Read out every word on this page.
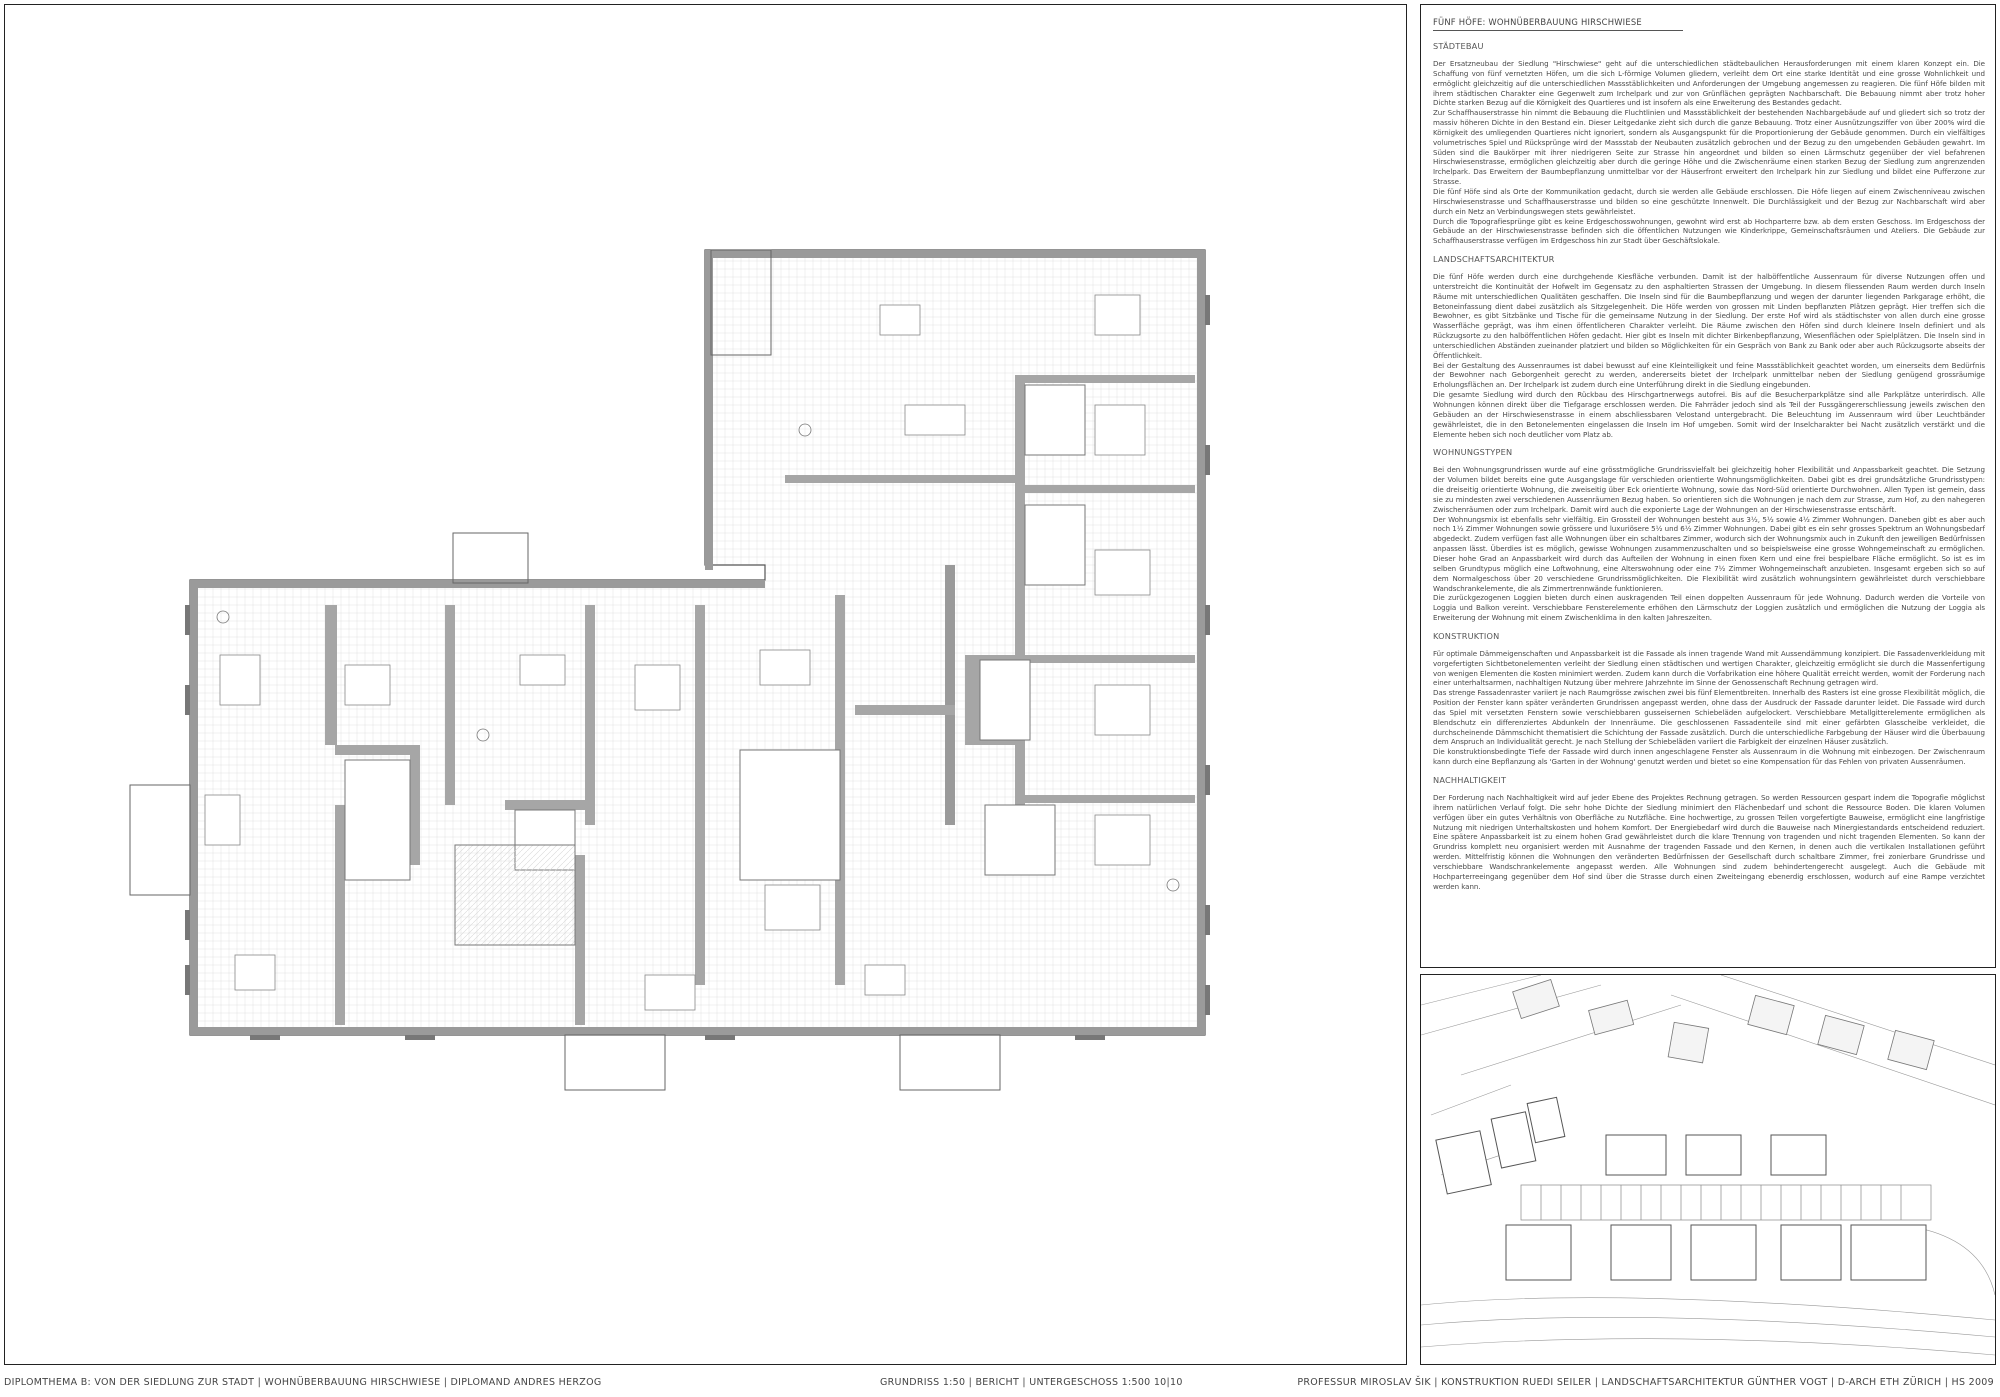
FÜNF HÖFE: WOHNÜBERBAUUNG HIRSCHWIESE
STÄDTEBAU

Der Ersatzneubau der Siedlung "Hirschwiese" geht auf die unterschiedlichen städtebaulichen Herausforderungen mit einem klaren Konzept ein. Die Schaffung von fünf vernetzten Höfen, um die sich L-förmige Volumen gliedern, verleiht dem Ort eine starke Identität und eine grosse Wohnlichkeit und ermöglicht gleichzeitig auf die unterschiedlichen Massstäblichkeiten und Anforderungen der Umgebung angemessen zu reagieren. Die fünf Höfe bilden mit ihrem städtischen Charakter eine Gegenwelt zum Irchelpark und zur von Grünflächen geprägten Nachbarschaft. Die Bebauung nimmt aber trotz hoher Dichte starken Bezug auf die Körnigkeit des Quartieres und ist insofern als eine Erweiterung des Bestandes gedacht.

Zur Schaffhauserstrasse hin nimmt die Bebauung die Fluchtlinien und Massstäblichkeit der bestehenden Nachbargebäude auf und gliedert sich so trotz der massiv höheren Dichte in den Bestand ein. Dieser Leitgedanke zieht sich durch die ganze Bebauung. Trotz einer Ausnützungsziffer von über 200% wird die Körnigkeit des umliegenden Quartieres nicht ignoriert, sondern als Ausgangspunkt für die Proportionierung der Gebäude genommen. Durch ein vielfältiges volumetrisches Spiel und Rücksprünge wird der Massstab der Neubauten zusätzlich gebrochen und der Bezug zu den umgebenden Gebäuden gewahrt. Im Süden sind die Baukörper mit ihrer niedrigeren Seite zur Strasse hin angeordnet und bilden so einen Lärmschutz gegenüber der viel befahrenen Hirschwiesenstrasse, ermöglichen gleichzeitig aber durch die geringe Höhe und die Zwischenräume einen starken Bezug der Siedlung zum angrenzenden Irchelpark. Das Erweitern der Baumbepflanzung unmittelbar vor der Häuserfront erweitert den Irchelpark hin zur Siedlung und bildet eine Pufferzone zur Strasse.

Die fünf Höfe sind als Orte der Kommunikation gedacht, durch sie werden alle Gebäude erschlossen. Die Höfe liegen auf einem Zwischenniveau zwischen Hirschwiesenstrasse und Schaffhauserstrasse und bilden so eine geschützte Innenwelt. Die Durchlässigkeit und der Bezug zur Nachbarschaft wird aber durch ein Netz an Verbindungswegen stets gewährleistet.

Durch die Topografiesprünge gibt es keine Erdgeschosswohnungen, gewohnt wird erst ab Hochparterre bzw. ab dem ersten Geschoss. Im Erdgeschoss der Gebäude an der Hirschwiesenstrasse befinden sich die öffentlichen Nutzungen wie Kinderkrippe, Gemeinschaftsräumen und Ateliers. Die Gebäude zur Schaffhauserstrasse verfügen im Erdgeschoss hin zur Stadt über Geschäftslokale.

LANDSCHAFTSARCHITEKTUR

Die fünf Höfe werden durch eine durchgehende Kiesfläche verbunden. Damit ist der halböffentliche Aussenraum für diverse Nutzungen offen und unterstreicht die Kontinuität der Hofwelt im Gegensatz zu den asphaltierten Strassen der Umgebung. In diesem fliessenden Raum werden durch Inseln Räume mit unterschiedlichen Qualitäten geschaffen. Die Inseln sind für die Baumbepflanzung und wegen der darunter liegenden Parkgarage erhöht, die Betoneinfassung dient dabei zusätzlich als Sitzgelegenheit. Die Höfe werden von grossen mit Linden bepflanzten Plätzen geprägt. Hier treffen sich die Bewohner, es gibt Sitzbänke und Tische für die gemeinsame Nutzung in der Siedlung. Der erste Hof wird als städtischster von allen durch eine grosse Wasserfläche geprägt, was ihm einen öffentlicheren Charakter verleiht. Die Räume zwischen den Höfen sind durch kleinere Inseln definiert und als Rückzugsorte zu den halböffentlichen Höfen gedacht. Hier gibt es Inseln mit dichter Birkenbepflanzung, Wiesenflächen oder Spielplätzen. Die Inseln sind in unterschiedlichen Abständen zueinander platziert und bilden so Möglichkeiten für ein Gespräch von Bank zu Bank oder aber auch Rückzugsorte abseits der Öffentlichkeit.

Bei der Gestaltung des Aussenraumes ist dabei bewusst auf eine Kleinteiligkeit und feine Massstäblichkeit geachtet worden, um einerseits dem Bedürfnis der Bewohner nach Geborgenheit gerecht zu werden, andererseits bietet der Irchelpark unmittelbar neben der Siedlung genügend grossräumige Erholungsflächen an. Der Irchelpark ist zudem durch eine Unterführung direkt in die Siedlung eingebunden.

Die gesamte Siedlung wird durch den Rückbau des Hirschgartnerwegs autofrei. Bis auf die Besucherparkplätze sind alle Parkplätze unterirdisch. Alle Wohnungen können direkt über die Tiefgarage erschlossen werden. Die Fahrräder jedoch sind als Teil der Fussgängererschliessung jeweils zwischen den Gebäuden an der Hirschwiesenstrasse in einem abschliessbaren Velostand untergebracht. Die Beleuchtung im Aussenraum wird über Leuchtbänder gewährleistet, die in den Betonelementen eingelassen die Inseln im Hof umgeben. Somit wird der Inselcharakter bei Nacht zusätzlich verstärkt und die Elemente heben sich noch deutlicher vom Platz ab.

WOHNUNGSTYPEN

Bei den Wohnungsgrundrissen wurde auf eine grösstmögliche Grundrissvielfalt bei gleichzeitig hoher Flexibilität und Anpassbarkeit geachtet. Die Setzung der Volumen bildet bereits eine gute Ausgangslage für verschieden orientierte Wohnungsmöglichkeiten. Dabei gibt es drei grundsätzliche Grundrisstypen: die dreiseitig orientierte Wohnung, die zweiseitig über Eck orientierte Wohnung, sowie das Nord-Süd orientierte Durchwohnen. Allen Typen ist gemein, dass sie zu mindesten zwei verschiedenen Aussenräumen Bezug haben. So orientieren sich die Wohnungen je nach dem zur Strasse, zum Hof, zu den nahegeren Zwischenräumen oder zum Irchelpark. Damit wird auch die exponierte Lage der Wohnungen an der Hirschwiesenstrasse entschärft.

Der Wohnungsmix ist ebenfalls sehr vielfältig. Ein Grossteil der Wohnungen besteht aus 3½, 5½ sowie 4½ Zimmer Wohnungen. Daneben gibt es aber auch noch 1½ Zimmer Wohnungen sowie grössere und luxuriösere 5½ und 6½ Zimmer Wohnungen. Dabei gibt es ein sehr grosses Spektrum an Wohnungsbedarf abgedeckt. Zudem verfügen fast alle Wohnungen über ein schaltbares Zimmer, wodurch sich der Wohnungsmix auch in Zukunft den jeweiligen Bedürfnissen anpassen lässt. Überdies ist es möglich, gewisse Wohnungen zusammenzuschalten und so beispielsweise eine grosse Wohngemeinschaft zu ermöglichen. Dieser hohe Grad an Anpassbarkeit wird durch das Aufteilen der Wohnung in einen fixen Kern und eine frei bespielbare Fläche ermöglicht. So ist es im selben Grundtypus möglich eine Loftwohnung, eine Alterswohnung oder eine 7½ Zimmer Wohngemeinschaft anzubieten. Insgesamt ergeben sich so auf dem Normalgeschoss über 20 verschiedene Grundrissmöglichkeiten. Die Flexibilität wird zusätzlich wohnungsintern gewährleistet durch verschiebbare Wandschrankelemente, die als Zimmertrennwände funktionieren.

Die zurückgezogenen Loggien bieten durch einen auskragenden Teil einen doppelten Aussenraum für jede Wohnung. Dadurch werden die Vorteile von Loggia und Balkon vereint. Verschiebbare Fensterelemente erhöhen den Lärmschutz der Loggien zusätzlich und ermöglichen die Nutzung der Loggia als Erweiterung der Wohnung mit einem Zwischenklima in den kalten Jahreszeiten.

KONSTRUKTION

Für optimale Dämmeigenschaften und Anpassbarkeit ist die Fassade als innen tragende Wand mit Aussendämmung konzipiert. Die Fassadenverkleidung mit vorgefertigten Sichtbetonelementen verleiht der Siedlung einen städtischen und wertigen Charakter, gleichzeitig ermöglicht sie durch die Massenfertigung von wenigen Elementen die Kosten minimiert werden. Zudem kann durch die Vorfabrikation eine höhere Qualität erreicht werden, womit der Forderung nach einer unterhaltsarmen, nachhaltigen Nutzung über mehrere Jahrzehnte im Sinne der Genossenschaft Rechnung getragen wird.

Das strenge Fassadenraster variiert je nach Raumgrösse zwischen zwei bis fünf Elementbreiten. Innerhalb des Rasters ist eine grosse Flexibilität möglich, die Position der Fenster kann später veränderten Grundrissen angepasst werden, ohne dass der Ausdruck der Fassade darunter leidet. Die Fassade wird durch das Spiel mit versetzten Fenstern sowie verschiebbaren gusseisernen Schiebeläden aufgelockert. Verschiebbare Metallgitterelemente ermöglichen als Blendschutz ein differenziertes Abdunkeln der Innenräume. Die geschlossenen Fassadenteile sind mit einer gefärbten Glasscheibe verkleidet, die durchscheinende Dämmschicht thematisiert die Schichtung der Fassade zusätzlich. Durch die unterschiedliche Farbgebung der Häuser wird die Überbauung dem Anspruch an Individualität gerecht. Je nach Stellung der Schiebeläden variiert die Farbigkeit der einzelnen Häuser zusätzlich.

Die konstruktionsbedingte Tiefe der Fassade wird durch innen angeschlagene Fenster als Aussenraum in die Wohnung mit einbezogen. Der Zwischenraum kann durch eine Bepflanzung als 'Garten in der Wohnung' genutzt werden und bietet so eine Kompensation für das Fehlen von privaten Aussenräumen.

NACHHALTIGKEIT

Der Forderung nach Nachhaltigkeit wird auf jeder Ebene des Projektes Rechnung getragen. So werden Ressourcen gespart indem die Topografie möglichst ihrem natürlichen Verlauf folgt. Die sehr hohe Dichte der Siedlung minimiert den Flächenbedarf und schont die Ressource Boden. Die klaren Volumen verfügen über ein gutes Verhältnis von Oberfläche zu Nutzfläche. Eine hochwertige, zu grossen Teilen vorgefertigte Bauweise, ermöglicht eine langfristige Nutzung mit niedrigen Unterhaltskosten und hohem Komfort. Der Energiebedarf wird durch die Bauweise nach Minergiestandards entscheidend reduziert. Eine spätere Anpassbarkeit ist zu einem hohen Grad gewährleistet durch die klare Trennung von tragenden und nicht tragenden Elementen. So kann der Grundriss komplett neu organisiert werden mit Ausnahme der tragenden Fassade und den Kernen, in denen auch die vertikalen Installationen geführt werden. Mittelfristig können die Wohnungen den veränderten Bedürfnissen der Gesellschaft durch schaltbare Zimmer, frei zonierbare Grundrisse und verschiebbare Wandschrankelemente angepasst werden. Alle Wohnungen sind zudem behindertengerecht ausgelegt. Auch die Gebäude mit Hochparterreeingang gegenüber dem Hof sind über die Strasse durch einen Zweiteingang ebenerdig erschlossen, wodurch auf eine Rampe verzichtet werden kann.

DIPLOMTHEMA B: VON DER SIEDLUNG ZUR STADT | WOHNÜBERBAUUNG HIRSCHWIESE | DIPLOMAND ANDRES HERZOG	GRUNDRISS 1:50 | BERICHT | UNTERGESCHOSS 1:500 10|10	PROFESSUR MIROSLAV ŠIK | KONSTRUKTION RUEDI SEILER | LANDSCHAFTSARCHITEKTUR GÜNTHER VOGT | D-ARCH ETH ZÜRICH | HS 2009
